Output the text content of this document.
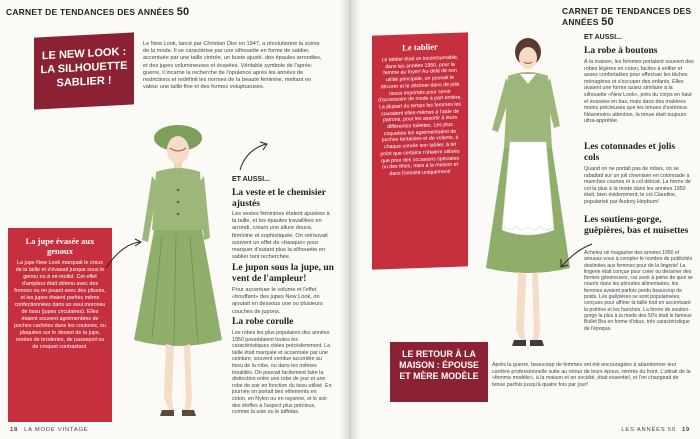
CARNET DE TENDANCES DES ANNÉES 50
LE NEW LOOK : LA SILHOUETTE SABLIER !
Le New Look, lancé par Christian Dior en 1947, a révolutionné la scène de la mode. Il se caractérise par une silhouette en forme de sablier, accentuée par une taille cintrée, un buste ajusté, des épaules arrondies, et des jupes volumineuses et évasées. Véritable symbole de l'après-guerre, il incarne la recherche de l'opulence après les années de restrictions et redéfinit les normes de la beauté féminine, mettant en valeur une taille fine et des formes voluptueuses.
ET AUSSI...
La veste et le chemisier ajustés
Les vestes féminines étaient ajustées à la taille, et les épaules travaillées en arrondi, créant une allure douce, féminine et sophistiquée. On retrouvait souvent un effet de «basque» pour marquer d'autant plus la silhouette en sablier tant recherchée.
Le jupon sous la jupe, un vent de l'ampleur!
Pour accentuer le volume et l'effet «bouffant» des jupes New Look, on ajoutait en dessous une ou plusieurs couches de jupons.
La robe corolle
Les robes les plus populaires des années 1950 possédaient toutes les caractéristiques citées précédemment. La taille était marquée et accentuée par une ceinture, souvent vendue accordée au tissu de la robe, ou dans les mêmes tonalités. On pouvait facilement faire la distinction entre une robe de jour et une robe de soir en fonction du tissu utilisé. En journée on portait des vêtements en coton, en Nylon ou en rayonne, et le soir des étoffes à l'aspect plus précieux, comme la soie ou le taffetas.
La jupe évasée aux genoux
La jupe New Look marquait le creux de la taille et s'évasait jusque sous le genou ou à mi-mollet. Cet effet d'ampleur était obtenu avec des fronces ou en jouant avec des plissés, et les jupes étaient parfois même confectionnées dans un seul morceau de tissu (jupes circulaires). Elles étaient souvent agrémentées de poches cachées dans les coutures, ou plaquées sur le devant de la jupe, ornées de broderies, de passepoil ou de croquet contrastant.
18 LA MODE VINTAGE
CARNET DE TENDANCES DES ANNÉES 50
Le tablier
Le tablier était un incontournable, dans les années 1950, pour la femme au foyer! Au-delà de son utilité principale, on pouvait le décorer et le décliner dans de jolis tissus imprimés pour servir d'accessoire de mode à part entière. La plupart du temps les femmes les cousaient elles-mêmes à l'aide de patrons, pour les assortir à leurs différentes toilettes. Les plus coquettes les agrémentaient de poches fantaisies et de volants, à chaque corvée son tablier, à tel point que certains n'étaient utilisés que pour des occasions spéciales ou des fêtes, mais à la maison et dans l'intimité uniquement!
ET AUSSI...
La robe à boutons
À la maison, les femmes portaient souvent des robes légères en coton, faciles à enfiler et assez confortables pour effectuer les tâches ménagères et s'occuper des enfants. Elles avaient une forme assez similaire à la silhouette «New Look», près du corps en haut et évasées en bas, mais dans des matières moins précieuses que les tenues d'extérieur. Néanmoins attention, la tenue était toujours ultra-apprêtée.
Les cotonnades et jolis cols
Quand on ne portait pas de robes, on se rabattait sur un joli chemisier en cotonnade à manches courtes et à col délicat. La forme de col la plus à la mode dans les années 1950 était, bien évidemment, le col Claudine, popularisé par Audrey Hepburn!
Les soutiens-gorge, guêpières, bas et nuisettes
Achetez un magazine des années 1950 et amusez-vous à compter le nombre de publicités destinées aux femmes pour de la lingerie! La lingerie était conçue pour créer ou dessiner des formes généreuses, car avoir à peine de quoi se nourrir dans les pénuries alimentaires, les femmes avaient parfois perdu beaucoup de poids. Les guêpières se sont popularisées, conçues pour affiner la taille tout en accentuant la poitrine et les hanches. La forme de soutien-gorge la plus à la mode des 50's était le fameux Bullet Bra en forme d'obus, très caractéristique de l'époque.
LE RETOUR À LA MAISON : ÉPOUSE ET MÈRE MODÈLE
Après la guerre, beaucoup de femmes ont été encouragées à abandonner leur carrière professionnelle suite au retour de leurs époux, rentrés du front. L'attrait de la «femme modèle», à la maison et en société, était essentiel, et l'on changeait de tenue parfois jusqu'à quatre fois par jour!
LES ANNÉES 50 19
